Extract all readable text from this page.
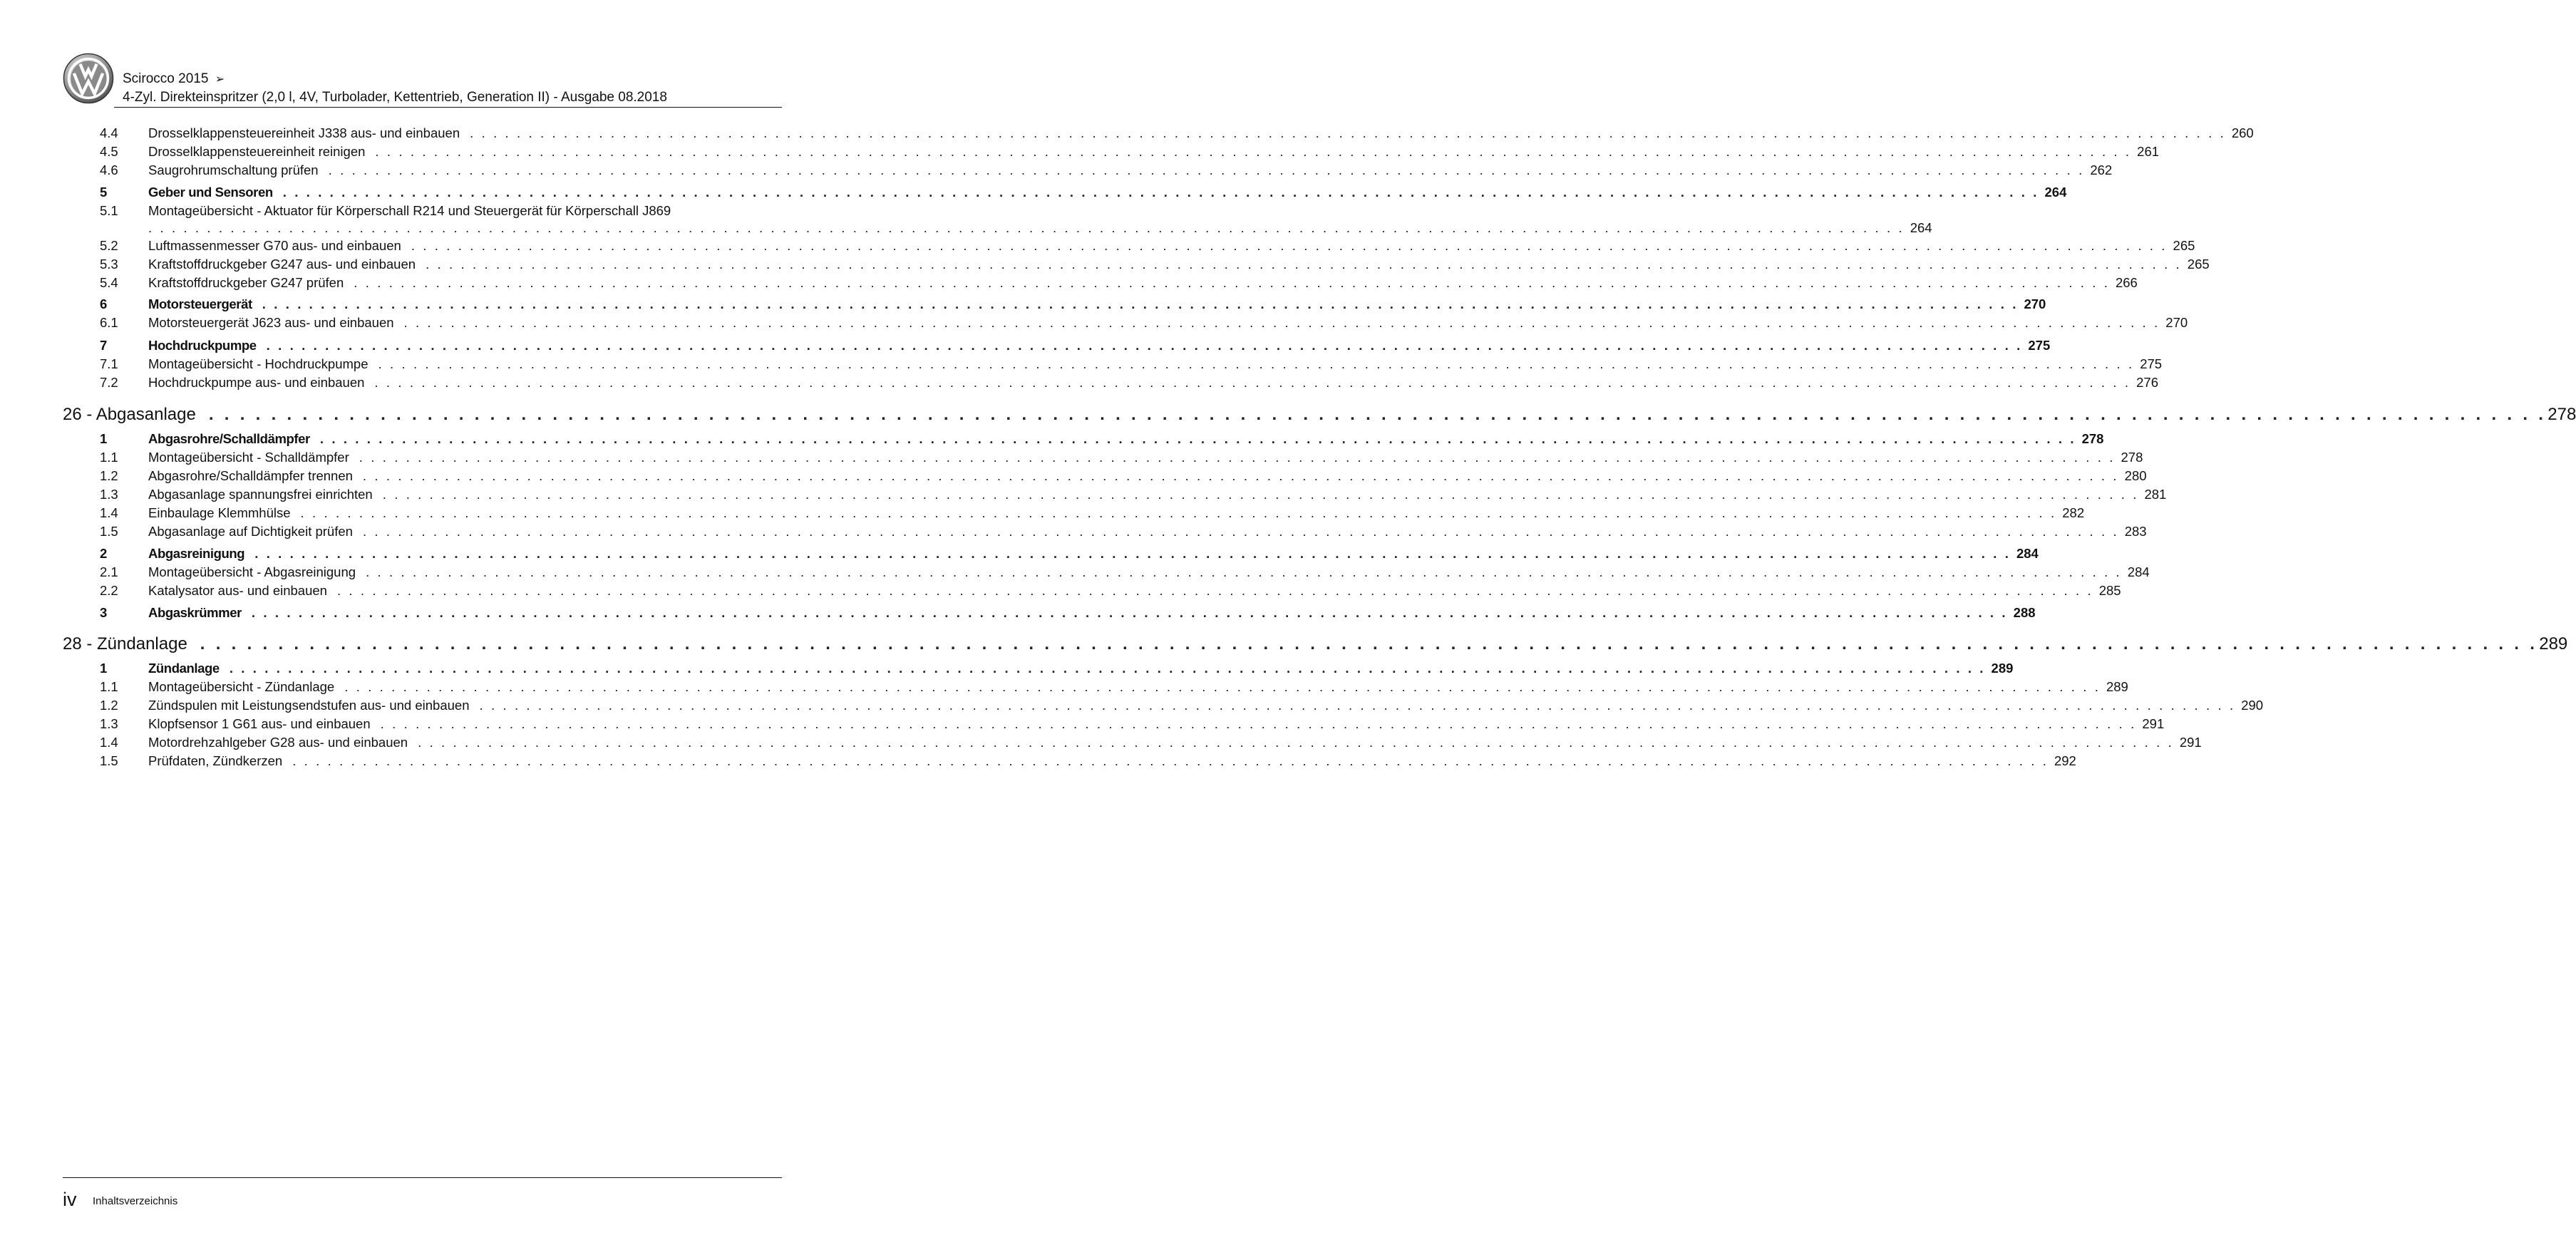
Scirocco 2015 ➢
4-Zyl. Direkteinspritzer (2,0 l, 4V, Turbolader, Kettentrieb, Generation II) - Ausgabe 08.2018
4.4 Drosselklappensteuereinheit J338 aus- und einbauen . . . . . . . . . . . . . . . . . . . . . . . . . . . . . . . . . . . . . . . . . . . . . . . . . . . . . . . . . . . . . . . . . . . . . . . . . . . . . . . . . . . . . . . . . . . . . . . . . . . . . . . . . . . . . . . . . . . . . . . . . . . . . . . . . . . . . . . . . . . . . . . . . . . . . . 260
4.5 Drosselklappensteuereinheit reinigen . . . . . . . . . . . . . . . . . . . . . . . . . . . . . . . . . . . . . . . . . . . . . . . . . . . . . . . . . . . . . . . . . . . . . . . . . . . . . . . . . . . . . . . . . . . . . . . . . . . . . . . . . . . . . . . . . . . . . . . . . . . . . . . . . . . . . . . . . . . . . . . . . . . . . . 261
4.6 Saugrohrumschaltung prüfen . . . . . . . . . . . . . . . . . . . . . . . . . . . . . . . . . . . . . . . . . . . . . . . . . . . . . . . . . . . . . . . . . . . . . . . . . . . . . . . . . . . . . . . . . . . . . . . . . . . . . . . . . . . . . . . . . . . . . . . . . . . . . . . . . . . . . . . . . . . . . . . . . . . . . . 262
5	Geber und Sensoren . . . . . . . . . . . . . . . . . . . . . . . . . . . . . . . . . . . . . . . . . . . . . . . . . . . . . . . . . . . . . . . . . . . . . . . . . . . . . . . . . . . . . . . . . . . . . . . . . . . . . . . . . . . . . . . . . . . . . . . . . . . . . . . . . . . . . . . . . . . . . . . . . . . . . . 264
5.1 Montageübersicht - Aktuator für Körperschall R214 und Steuergerät für Körperschall J869
. . . . . . . . . . . . . . . . . . . . . . . . . . . . . . . . . . . . . . . . . . . . . . . . . . . . . . . . . . . . . . . . . . . . . . . . . . . . . . . . . . . . . . . . . . . . . . . . . . . . . . . . . . . . . . . . . . . . . . . . . . . . . . . . . . . . . . . . . . . . . . . . . . . . . . 264
5.2 Luftmassenmesser G70 aus- und einbauen . . . . . . . . . . . . . . . . . . . . . . . . . . . . . . . . . . . . . . . . . . . . . . . . . . . . . . . . . . . . . . . . . . . . . . . . . . . . . . . . . . . . . . . . . . . . . . . . . . . . . . . . . . . . . . . . . . . . . . . . . . . . . . . . . . . . . . . . . . . . . . . . . . . . . . 265
5.3 Kraftstoffdruckgeber G247 aus- und einbauen . . . . . . . . . . . . . . . . . . . . . . . . . . . . . . . . . . . . . . . . . . . . . . . . . . . . . . . . . . . . . . . . . . . . . . . . . . . . . . . . . . . . . . . . . . . . . . . . . . . . . . . . . . . . . . . . . . . . . . . . . . . . . . . . . . . . . . . . . . . . . . . . . . . . . . 265
5.4 Kraftstoffdruckgeber G247 prüfen . . . . . . . . . . . . . . . . . . . . . . . . . . . . . . . . . . . . . . . . . . . . . . . . . . . . . . . . . . . . . . . . . . . . . . . . . . . . . . . . . . . . . . . . . . . . . . . . . . . . . . . . . . . . . . . . . . . . . . . . . . . . . . . . . . . . . . . . . . . . . . . . . . . . . . 266
6	Motorsteuergerät . . . . . . . . . . . . . . . . . . . . . . . . . . . . . . . . . . . . . . . . . . . . . . . . . . . . . . . . . . . . . . . . . . . . . . . . . . . . . . . . . . . . . . . . . . . . . . . . . . . . . . . . . . . . . . . . . . . . . . . . . . . . . . . . . . . . . . . . . . . . . . . . . . . . . . 270
6.1 Motorsteuergerät J623 aus- und einbauen . . . . . . . . . . . . . . . . . . . . . . . . . . . . . . . . . . . . . . . . . . . . . . . . . . . . . . . . . . . . . . . . . . . . . . . . . . . . . . . . . . . . . . . . . . . . . . . . . . . . . . . . . . . . . . . . . . . . . . . . . . . . . . . . . . . . . . . . . . . . . . . . . . . . . . 270
7	Hochdruckpumpe . . . . . . . . . . . . . . . . . . . . . . . . . . . . . . . . . . . . . . . . . . . . . . . . . . . . . . . . . . . . . . . . . . . . . . . . . . . . . . . . . . . . . . . . . . . . . . . . . . . . . . . . . . . . . . . . . . . . . . . . . . . . . . . . . . . . . . . . . . . . . . . . . . . . . . 275
7.1 Montageübersicht - Hochdruckpumpe . . . . . . . . . . . . . . . . . . . . . . . . . . . . . . . . . . . . . . . . . . . . . . . . . . . . . . . . . . . . . . . . . . . . . . . . . . . . . . . . . . . . . . . . . . . . . . . . . . . . . . . . . . . . . . . . . . . . . . . . . . . . . . . . . . . . . . . . . . . . . . . . . . . . . . 275
7.2 Hochdruckpumpe aus- und einbauen . . . . . . . . . . . . . . . . . . . . . . . . . . . . . . . . . . . . . . . . . . . . . . . . . . . . . . . . . . . . . . . . . . . . . . . . . . . . . . . . . . . . . . . . . . . . . . . . . . . . . . . . . . . . . . . . . . . . . . . . . . . . . . . . . . . . . . . . . . . . . . . . . . . . . . 276
26 - Abgasanlage . . . . . . . . . . . . . . . . . . . . . . . . . . . . . . . . . . . . . . . . . . . . . . . . . . . . . . . . . . . . . . . . . . . . . . . . . . . . . . . . . . . . . . . . . . . . . . . . . . . . . . . . . . . . . . . . . . . . . . . . . . . . . . . . . . . . . . . . . . . . . . . . . . . . . . 278
1	Abgasrohre/Schalldämpfer . . . . . . . . . . . . . . . . . . . . . . . . . . . . . . . . . . . . . . . . . . . . . . . . . . . . . . . . . . . . . . . . . . . . . . . . . . . . . . . . . . . . . . . . . . . . . . . . . . . . . . . . . . . . . . . . . . . . . . . . . . . . . . . . . . . . . . . . . . . . . . . . . . . . . . 278
1.1 Montageübersicht - Schalldämpfer . . . . . . . . . . . . . . . . . . . . . . . . . . . . . . . . . . . . . . . . . . . . . . . . . . . . . . . . . . . . . . . . . . . . . . . . . . . . . . . . . . . . . . . . . . . . . . . . . . . . . . . . . . . . . . . . . . . . . . . . . . . . . . . . . . . . . . . . . . . . . . . . . . . . . . 278
1.2 Abgasrohre/Schalldämpfer trennen . . . . . . . . . . . . . . . . . . . . . . . . . . . . . . . . . . . . . . . . . . . . . . . . . . . . . . . . . . . . . . . . . . . . . . . . . . . . . . . . . . . . . . . . . . . . . . . . . . . . . . . . . . . . . . . . . . . . . . . . . . . . . . . . . . . . . . . . . . . . . . . . . . . . . . 280
1.3 Abgasanlage spannungsfrei einrichten . . . . . . . . . . . . . . . . . . . . . . . . . . . . . . . . . . . . . . . . . . . . . . . . . . . . . . . . . . . . . . . . . . . . . . . . . . . . . . . . . . . . . . . . . . . . . . . . . . . . . . . . . . . . . . . . . . . . . . . . . . . . . . . . . . . . . . . . . . . . . . . . . . . . . . 281
1.4 Einbaulage Klemmhülse . . . . . . . . . . . . . . . . . . . . . . . . . . . . . . . . . . . . . . . . . . . . . . . . . . . . . . . . . . . . . . . . . . . . . . . . . . . . . . . . . . . . . . . . . . . . . . . . . . . . . . . . . . . . . . . . . . . . . . . . . . . . . . . . . . . . . . . . . . . . . . . . . . . . . . 282
1.5 Abgasanlage auf Dichtigkeit prüfen . . . . . . . . . . . . . . . . . . . . . . . . . . . . . . . . . . . . . . . . . . . . . . . . . . . . . . . . . . . . . . . . . . . . . . . . . . . . . . . . . . . . . . . . . . . . . . . . . . . . . . . . . . . . . . . . . . . . . . . . . . . . . . . . . . . . . . . . . . . . . . . . . . . . . . 283
2	Abgasreinigung . . . . . . . . . . . . . . . . . . . . . . . . . . . . . . . . . . . . . . . . . . . . . . . . . . . . . . . . . . . . . . . . . . . . . . . . . . . . . . . . . . . . . . . . . . . . . . . . . . . . . . . . . . . . . . . . . . . . . . . . . . . . . . . . . . . . . . . . . . . . . . . . . . . . . . 284
2.1 Montageübersicht - Abgasreinigung . . . . . . . . . . . . . . . . . . . . . . . . . . . . . . . . . . . . . . . . . . . . . . . . . . . . . . . . . . . . . . . . . . . . . . . . . . . . . . . . . . . . . . . . . . . . . . . . . . . . . . . . . . . . . . . . . . . . . . . . . . . . . . . . . . . . . . . . . . . . . . . . . . . . . . 284
2.2 Katalysator aus- und einbauen . . . . . . . . . . . . . . . . . . . . . . . . . . . . . . . . . . . . . . . . . . . . . . . . . . . . . . . . . . . . . . . . . . . . . . . . . . . . . . . . . . . . . . . . . . . . . . . . . . . . . . . . . . . . . . . . . . . . . . . . . . . . . . . . . . . . . . . . . . . . . . . . . . . . . . 285
3	Abgaskrümmer . . . . . . . . . . . . . . . . . . . . . . . . . . . . . . . . . . . . . . . . . . . . . . . . . . . . . . . . . . . . . . . . . . . . . . . . . . . . . . . . . . . . . . . . . . . . . . . . . . . . . . . . . . . . . . . . . . . . . . . . . . . . . . . . . . . . . . . . . . . . . . . . . . . . . . 288
28 - Zündanlage . . . . . . . . . . . . . . . . . . . . . . . . . . . . . . . . . . . . . . . . . . . . . . . . . . . . . . . . . . . . . . . . . . . . . . . . . . . . . . . . . . . . . . . . . . . . . . . . . . . . . . . . . . . . . . . . . . . . . . . . . . . . . . . . . . . . . . . . . . . . . . . . . . . . . . 289
1	Zündanlage . . . . . . . . . . . . . . . . . . . . . . . . . . . . . . . . . . . . . . . . . . . . . . . . . . . . . . . . . . . . . . . . . . . . . . . . . . . . . . . . . . . . . . . . . . . . . . . . . . . . . . . . . . . . . . . . . . . . . . . . . . . . . . . . . . . . . . . . . . . . . . . . . . . . . . 289
1.1 Montageübersicht - Zündanlage . . . . . . . . . . . . . . . . . . . . . . . . . . . . . . . . . . . . . . . . . . . . . . . . . . . . . . . . . . . . . . . . . . . . . . . . . . . . . . . . . . . . . . . . . . . . . . . . . . . . . . . . . . . . . . . . . . . . . . . . . . . . . . . . . . . . . . . . . . . . . . . . . . . . . . 289
1.2 Zündspulen mit Leistungsendstufen aus- und einbauen . . . . . . . . . . . . . . . . . . . . . . . . . . . . . . . . . . . . . . . . . . . . . . . . . . . . . . . . . . . . . . . . . . . . . . . . . . . . . . . . . . . . . . . . . . . . . . . . . . . . . . . . . . . . . . . . . . . . . . . . . . . . . . . . . . . . . . . . . . . . . . . . . . . . . . 290
1.3 Klopfsensor 1 G61 aus- und einbauen . . . . . . . . . . . . . . . . . . . . . . . . . . . . . . . . . . . . . . . . . . . . . . . . . . . . . . . . . . . . . . . . . . . . . . . . . . . . . . . . . . . . . . . . . . . . . . . . . . . . . . . . . . . . . . . . . . . . . . . . . . . . . . . . . . . . . . . . . . . . . . . . . . . . . . 291
1.4 Motordrehzahlgeber G28 aus- und einbauen . . . . . . . . . . . . . . . . . . . . . . . . . . . . . . . . . . . . . . . . . . . . . . . . . . . . . . . . . . . . . . . . . . . . . . . . . . . . . . . . . . . . . . . . . . . . . . . . . . . . . . . . . . . . . . . . . . . . . . . . . . . . . . . . . . . . . . . . . . . . . . . . . . . . . . 291
1.5 Prüfdaten, Zündkerzen . . . . . . . . . . . . . . . . . . . . . . . . . . . . . . . . . . . . . . . . . . . . . . . . . . . . . . . . . . . . . . . . . . . . . . . . . . . . . . . . . . . . . . . . . . . . . . . . . . . . . . . . . . . . . . . . . . . . . . . . . . . . . . . . . . . . . . . . . . . . . . . . . . . . . . 292
iv Inhaltsverzeichnis
